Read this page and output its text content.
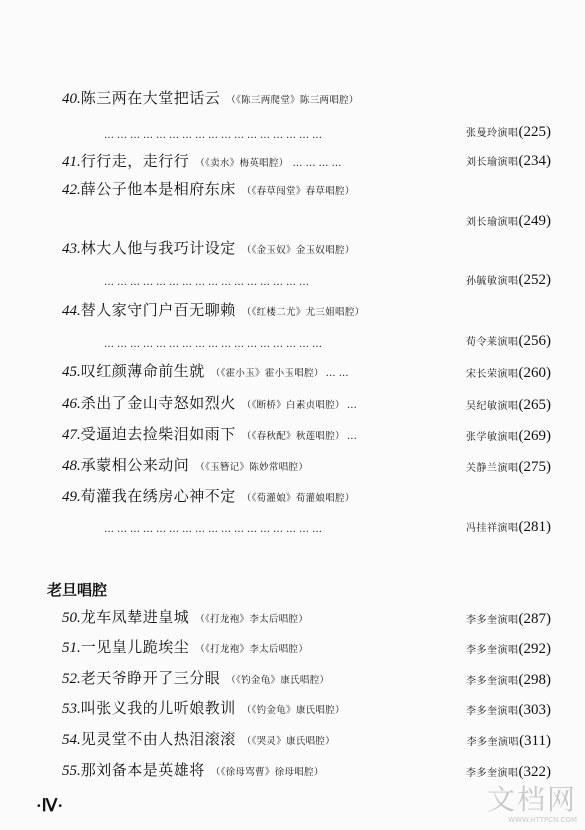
40.陈三两在大堂把话云 （《陈三两爬堂》陈三两唱腔）
……………………………………………	张曼玲演唱(225)
41.行行走，走行行 （《卖水》梅英唱腔） …………	刘长瑜演唱(234)
42.薛公子他本是相府东床 （《春草闯堂》春草唱腔）
刘长瑜演唱(249)
43.林大人他与我巧计设定 （《金玉奴》金玉奴唱腔）
…………………………………………	孙毓敏演唱(252)
44.替人家守门户百无聊赖 （《红楼二尤》尤三姐唱腔）
……………………………………………	荀令莱演唱(256)
45.叹红颜薄命前生就 （《霍小玉》霍小玉唱腔） ……	宋长荣演唱(260)
46.杀出了金山寺怒如烈火 （《断桥》白素贞唱腔） …	吴纪敏演唱(265)
47.受逼迫去捡柴泪如雨下 （《春秋配》秋莲唱腔） …	张学敏演唱(269)
48.承蒙相公来动问 （《玉簪记》陈妙常唱腔）	关静兰演唱(275)
49.荀灌我在绣房心神不定 （《荀灌娘》荀灌娘唱腔）
……………………………………………	冯挂祥演唱(281)
老旦唱腔
50.龙车凤辇进皇城 （《打龙袍》李太后唱腔）	李多奎演唱(287)
51.一见皇儿跪埃尘 （《打龙袍》李太后唱腔）	李多奎演唱(292)
52.老天爷睁开了三分眼 （《钓金龟》康氏唱腔）	李多奎演唱(298)
53.叫张义我的儿听娘教训 （《钓金龟》康氏唱腔）	李多奎演唱(303)
54.见灵堂不由人热泪滚滚 （《哭灵》康氏唱腔）	李多奎演唱(311)
55.那刘备本是英雄将 （《徐母骂曹》徐母唱腔）	李多奎演唱(322)
·Ⅳ·	文档网
WWW.HTTPCN.COM
